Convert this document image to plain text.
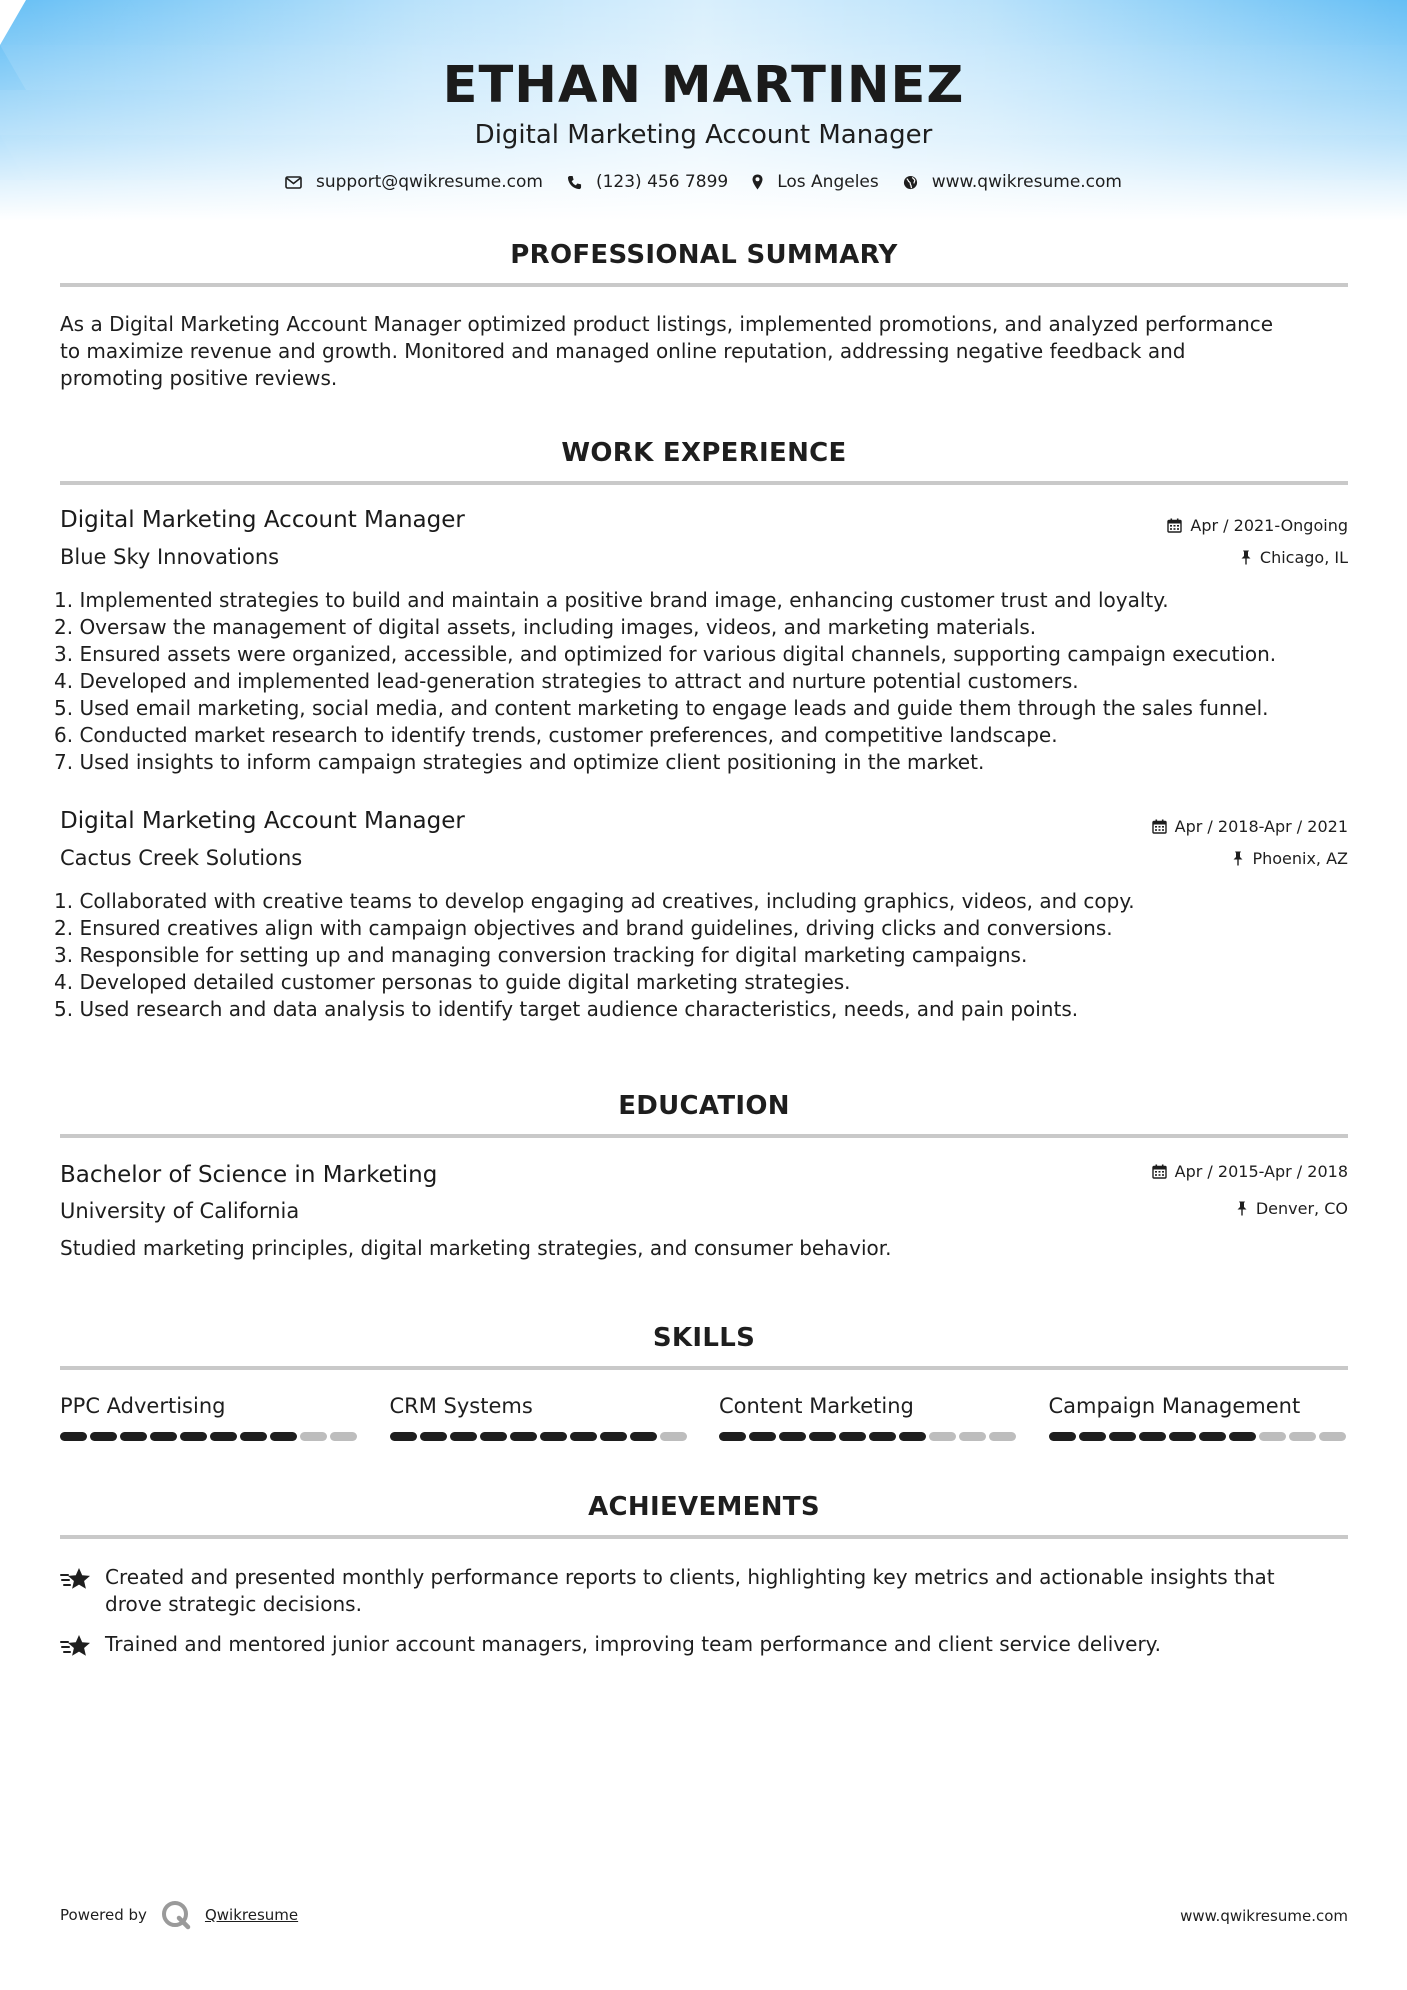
ETHAN MARTINEZ
Digital Marketing Account Manager
support@qwikresume.com	(123) 456 7899	Los Angeles	www.qwikresume.com
PROFESSIONAL SUMMARY
As a Digital Marketing Account Manager optimized product listings, implemented promotions, and analyzed performance
to maximize revenue and growth. Monitored and managed online reputation, addressing negative feedback and
promoting positive reviews.
WORK EXPERIENCE
Digital Marketing Account Manager	Apr / 2021-Ongoing
Blue Sky Innovations	Chicago, IL
1. Implemented strategies to build and maintain a positive brand image, enhancing customer trust and loyalty.
2. Oversaw the management of digital assets, including images, videos, and marketing materials.
3. Ensured assets were organized, accessible, and optimized for various digital channels, supporting campaign execution.
4. Developed and implemented lead-generation strategies to attract and nurture potential customers.
5. Used email marketing, social media, and content marketing to engage leads and guide them through the sales funnel.
6. Conducted market research to identify trends, customer preferences, and competitive landscape.
7. Used insights to inform campaign strategies and optimize client positioning in the market.
Digital Marketing Account Manager	Apr / 2018-Apr / 2021
Cactus Creek Solutions	Phoenix, AZ
1. Collaborated with creative teams to develop engaging ad creatives, including graphics, videos, and copy.
2. Ensured creatives align with campaign objectives and brand guidelines, driving clicks and conversions.
3. Responsible for setting up and managing conversion tracking for digital marketing campaigns.
4. Developed detailed customer personas to guide digital marketing strategies.
5. Used research and data analysis to identify target audience characteristics, needs, and pain points.
EDUCATION
Bachelor of Science in Marketing	Apr / 2015-Apr / 2018
University of California	Denver, CO
Studied marketing principles, digital marketing strategies, and consumer behavior.
SKILLS
PPC Advertising	CRM Systems	Content Marketing	Campaign Management
ACHIEVEMENTS
Created and presented monthly performance reports to clients, highlighting key metrics and actionable insights that
drove strategic decisions.
Trained and mentored junior account managers, improving team performance and client service delivery.
Powered by	Qwikresume	www.qwikresume.com
